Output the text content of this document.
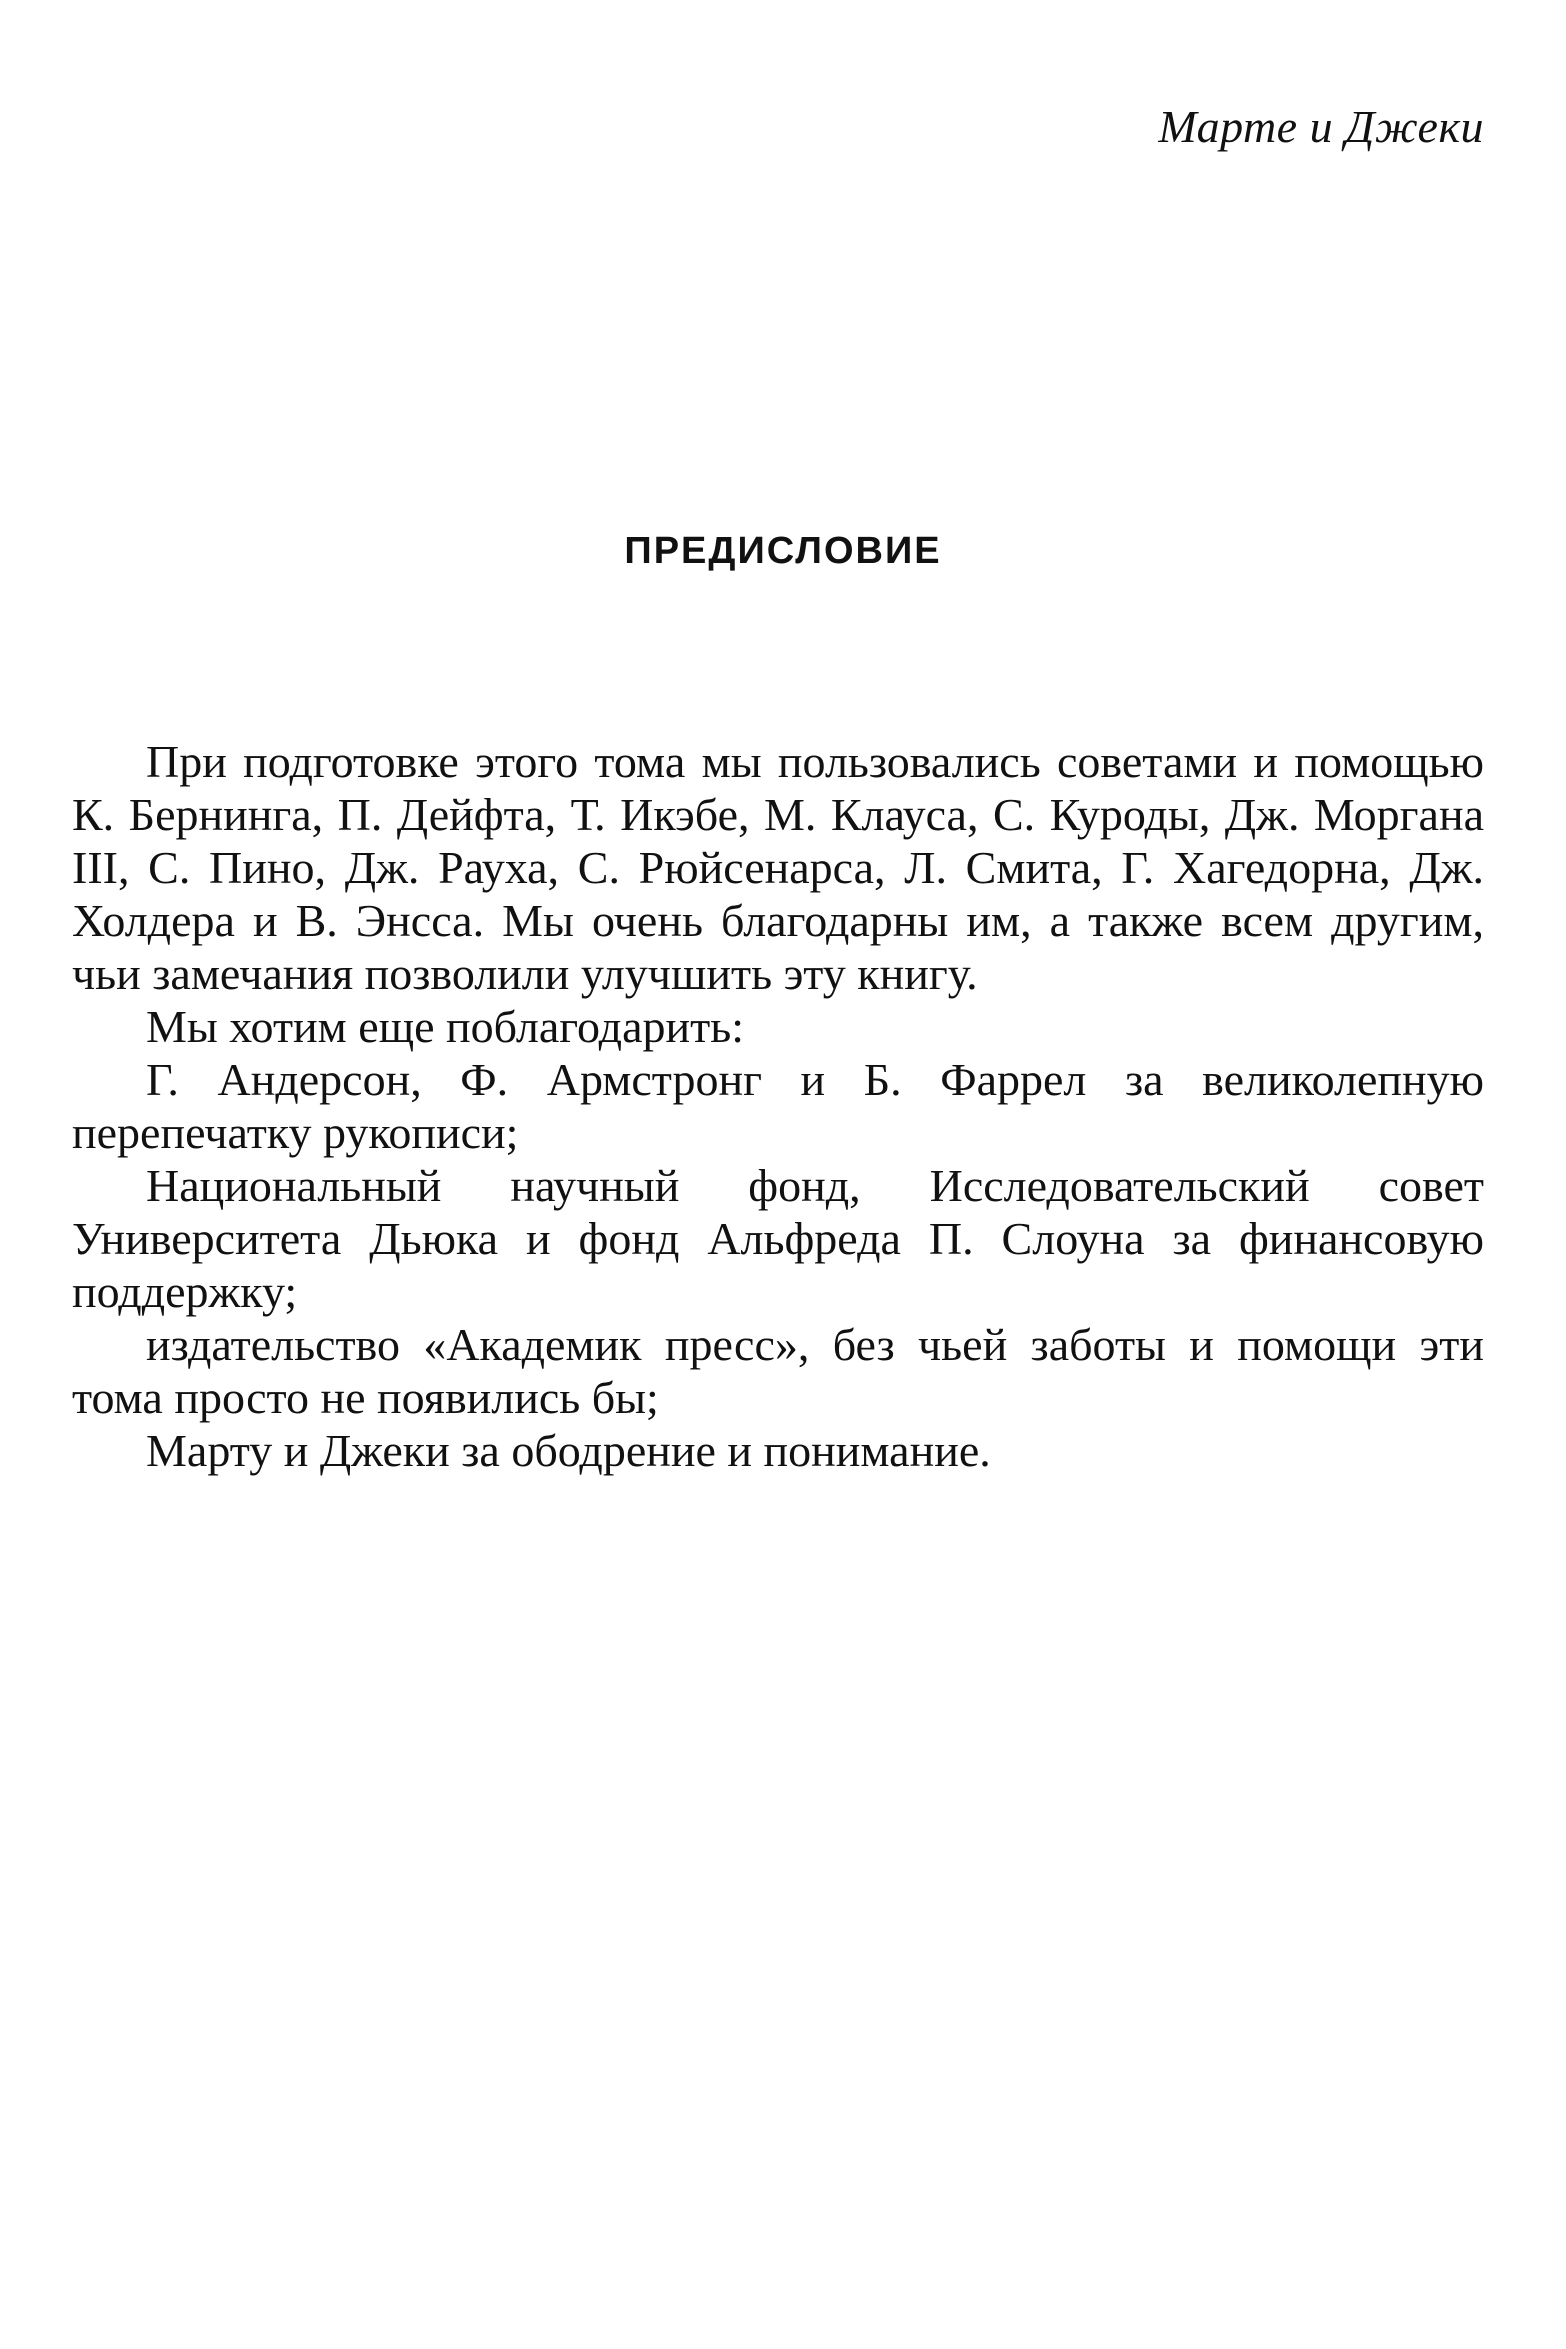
Марте и Джеки
ПРЕДИСЛОВИЕ

При подготовке этого тома мы пользовались советами и помощью К. Бернинга, П. Дейфта, Т. Икэбе, М. Клауса, С. Куроды, Дж. Моргана III, С. Пино, Дж. Рауха, С. Рюйсенарса, Л. Смита, Г. Хагедорна, Дж. Холдера и В. Энсса. Мы очень благодарны им, а также всем другим, чьи замечания позволили улучшить эту книгу.

Мы хотим еще поблагодарить:

Г. Андерсон, Ф. Армстронг и Б. Фаррел за великолепную перепечатку рукописи;

Национальный научный фонд, Исследовательский совет Университета Дьюка и фонд Альфреда П. Слоуна за финансовую поддержку;

издательство «Академик пресс», без чьей заботы и помощи эти тома просто не появились бы;

Марту и Джеки за ободрение и понимание.
